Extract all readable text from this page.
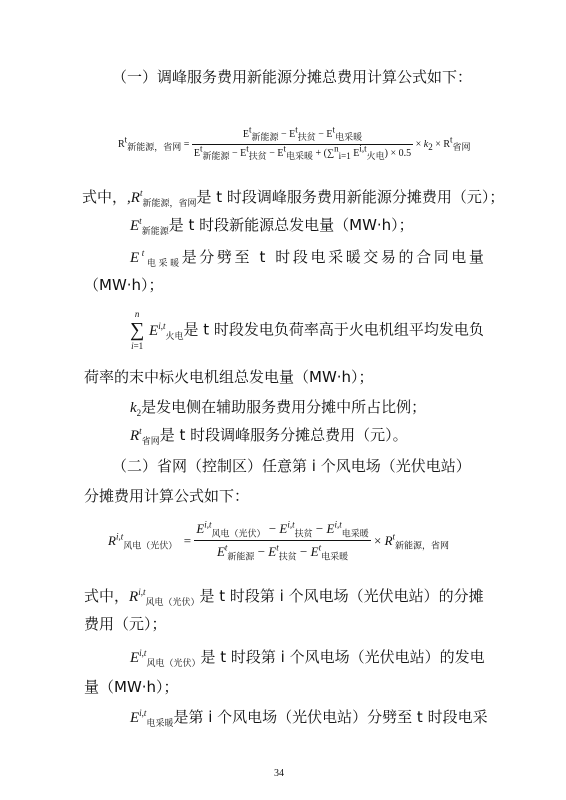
（一）调峰服务费用新能源分摊总费用计算公式如下：
$R^t_{新能源,省网} = \frac{E^t_{新能源} - E^t_{扶贫} - E^t_{电采暖}}{E^t_{新能源} - E^t_{扶贫} - E^t_{电采暖} + (\sum^n_{i=1} E^{i,t}_{火电}) \times 0.5} \times k_2 \times R^t_{省网}$
式中，$,R^t_{新能源,省网}$是 t 时段调峰服务费用新能源分摊费用（元）；
$E^t_{新能源}$是 t 时段新能源总发电量（MW·h）；
$E^t_{电采暖}$是分劈至 t 时段电采暖交易的合同电量
（MW·h）；
n
∑
i=1
E$^{i,t}_{火电}$是 t 时段发电负荷率高于火电机组平均发电负
荷率的末中标火电机组总发电量（MW·h）；
$k_2$是发电侧在辅助服务费用分摊中所占比例；
$R^t_{省网}$是 t 时段调峰服务分摊总费用（元）。
（二）省网（控制区）任意第 i 个风电场（光伏电站）
分摊费用计算公式如下：
$R^{i,t}_{风电(光伏)} = \frac{E^{i,t}_{风电(光伏)} - E^{i,t}_{扶贫} - E^{i,t}_{电采暖}}{E^t_{新能源} - E^t_{扶贫} - E^t_{电采暖}} \times R^t_{新能源,省网}$
式中，R$^{i,t}_{风电(光伏)}$是 t 时段第 i 个风电场（光伏电站）的分摊
费用（元）；
E$^{i,t}_{风电(光伏)}$是 t 时段第 i 个风电场（光伏电站）的发电
量（MW·h）；
E$^{i,t}_{电采暖}$是第 i 个风电场（光伏电站）分劈至 t 时段电采
34
